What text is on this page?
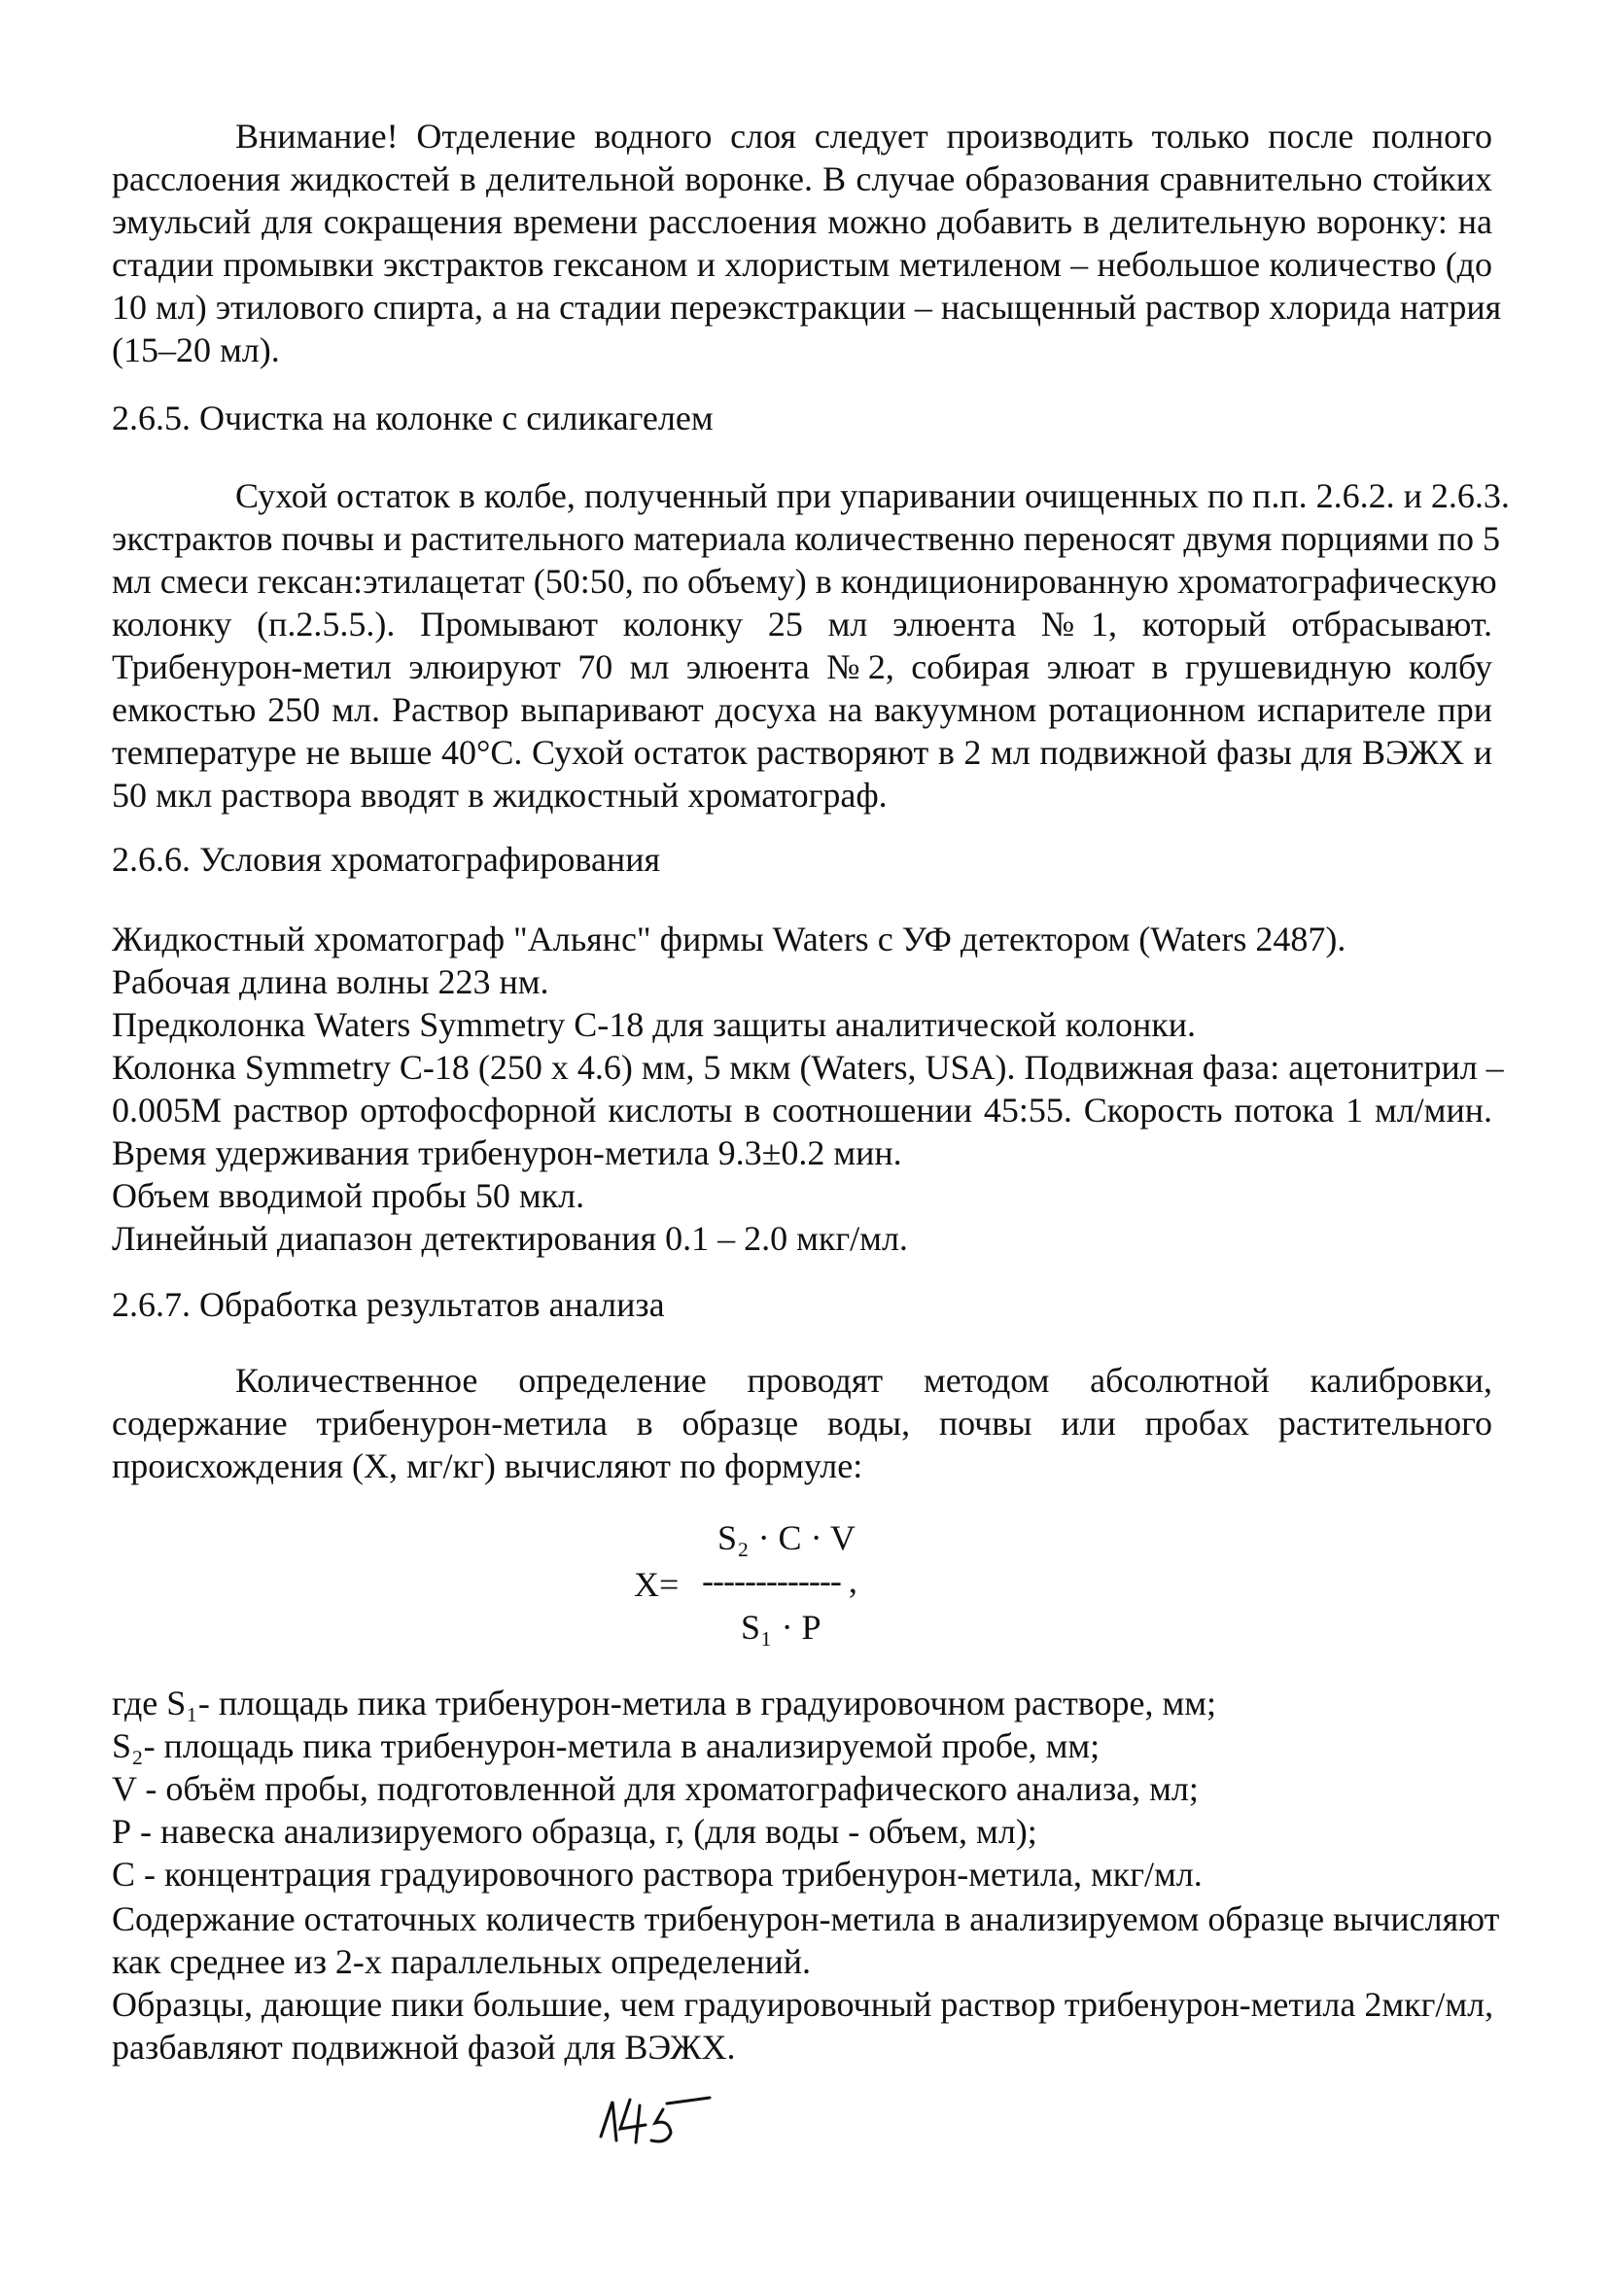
Внимание! Отделение водного слоя следует производить только после полного
расслоения жидкостей в делительной воронке. В случае образования сравнительно стойких
эмульсий для сокращения времени расслоения можно добавить в делительную воронку: на
стадии промывки экстрактов гексаном и хлористым метиленом – небольшое количество (до
10 мл) этилового спирта, а на стадии переэкстракции – насыщенный раствор хлорида натрия
(15–20 мл).
2.6.5. Очистка на колонке с силикагелем
Сухой остаток в колбе, полученный при упаривании очищенных по п.п. 2.6.2. и 2.6.3.
экстрактов почвы и растительного материала количественно переносят двумя порциями по 5
мл смеси гексан:этилацетат (50:50, по объему) в кондиционированную хроматографическую
колонку (п.2.5.5.). Промывают колонку 25 мл элюента №1, который отбрасывают.
Трибенурон-метил элюируют 70 мл элюента №2, собирая элюат в грушевидную колбу
емкостью 250 мл. Раствор выпаривают досуха на вакуумном ротационном испарителе при
температуре не выше 40°С. Сухой остаток растворяют в 2 мл подвижной фазы для ВЭЖХ и
50 мкл раствора вводят в жидкостный хроматограф.
2.6.6. Условия хроматографирования
Жидкостный хроматограф "Альянс" фирмы Waters с УФ детектором (Waters 2487).
Рабочая длина волны 223 нм.
Предколонка Waters Symmetry С-18 для защиты аналитической колонки.
Колонка Symmetry С-18 (250 х 4.6) мм, 5 мкм (Waters, USA). Подвижная фаза: ацетонитрил –
0.005М раствор ортофосфорной кислоты в соотношении 45:55. Скорость потока 1 мл/мин.
Время удерживания трибенурон-метила 9.3±0.2 мин.
Объем вводимой пробы 50 мкл.
Линейный диапазон детектирования 0.1 – 2.0 мкг/мл.
2.6.7. Обработка результатов анализа
Количественное определение проводят методом абсолютной калибровки,
содержание трибенурон-метила в образце воды, почвы или пробах растительного
происхождения (Х, мг/кг) вычисляют по формуле:
S₂ · C · V
X= ------------- ,
S₁ · P
где S₁- площадь пика трибенурон-метила в градуировочном растворе, мм;
S₂- площадь пика трибенурон-метила в анализируемой пробе, мм;
V - объём пробы, подготовленной для хроматографического анализа, мл;
Р - навеска анализируемого образца, г, (для воды - объем, мл);
С - концентрация градуировочного раствора трибенурон-метила, мкг/мл.
Содержание остаточных количеств трибенурон-метила в анализируемом образце вычисляют
как среднее из 2-х параллельных определений.
Образцы, дающие пики большие, чем градуировочный раствор трибенурон-метила 2мкг/мл,
разбавляют подвижной фазой для ВЭЖХ.
